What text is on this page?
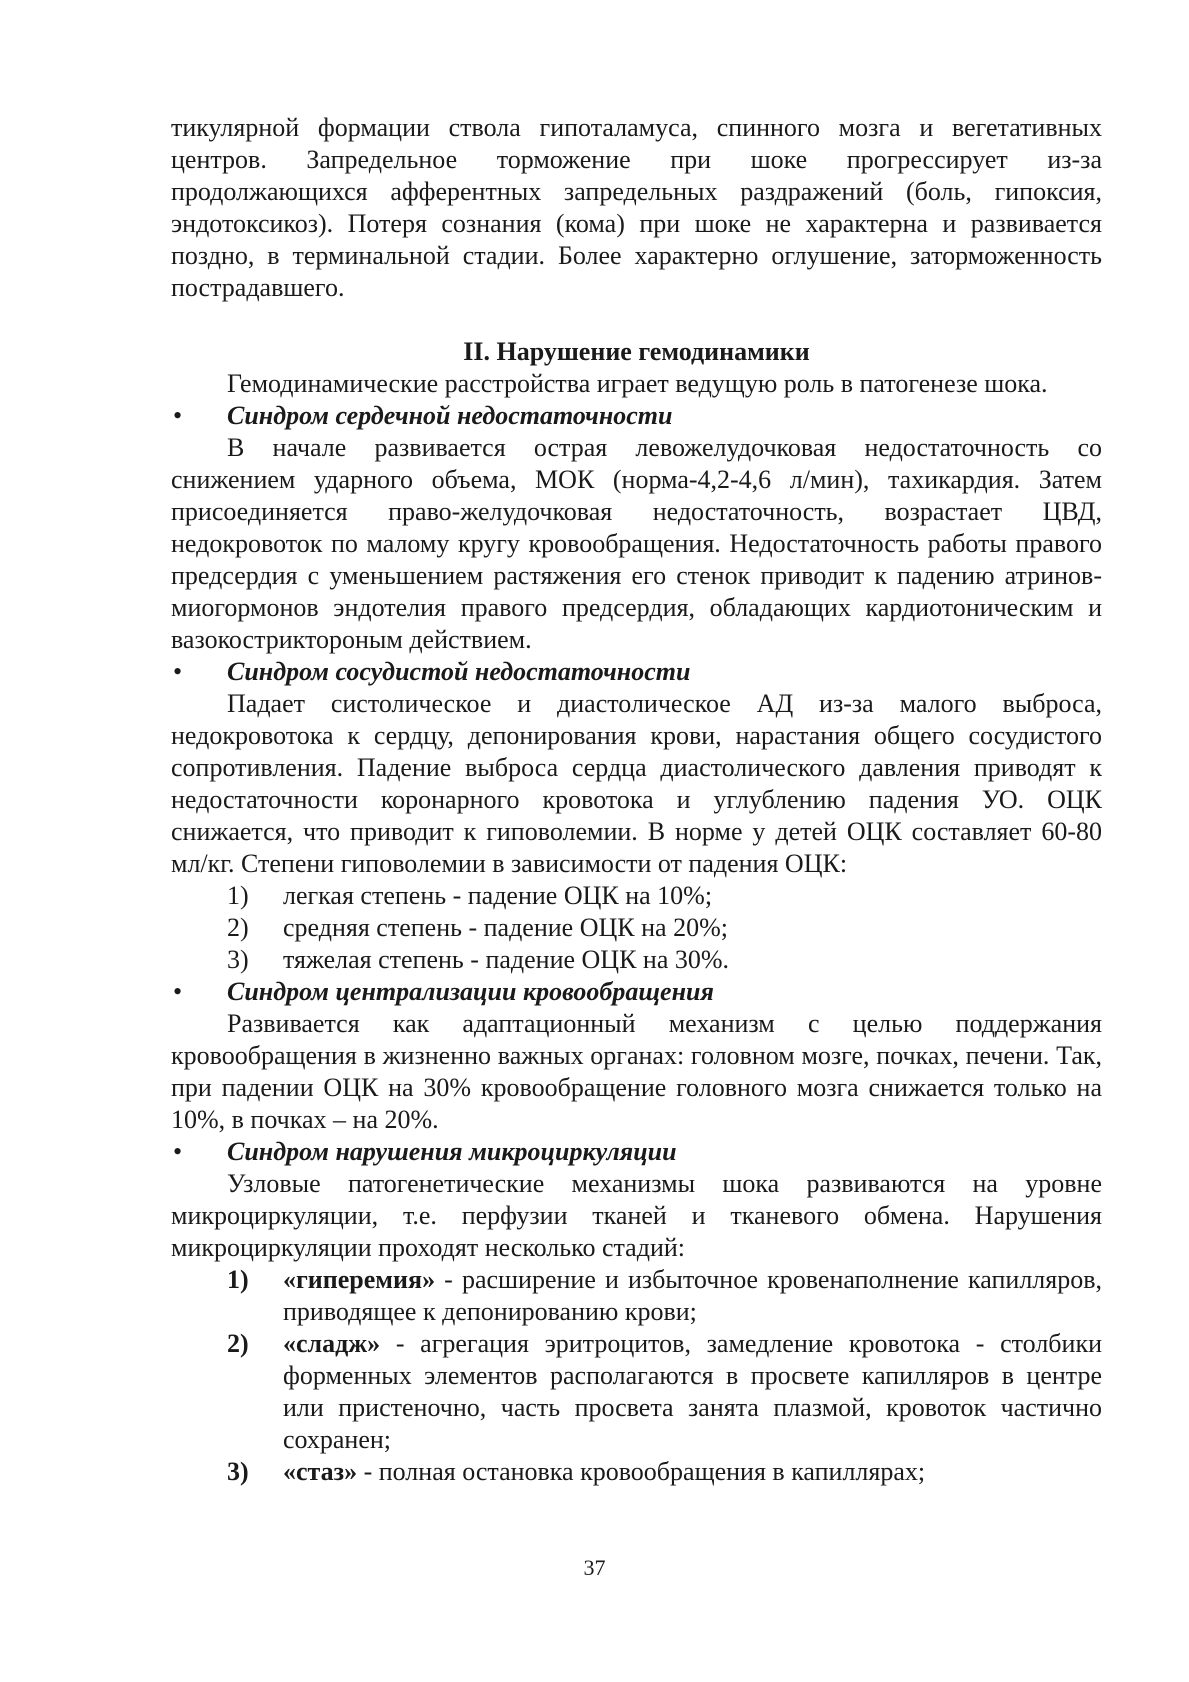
тикулярной формации ствола гипоталамуса, спинного мозга и вегетативных центров. Запредельное торможение при шоке прогрессирует из-за продолжающихся афферентных запредельных раздражений (боль, гипоксия, эндотоксикоз). Потеря сознания (кома) при шоке не характерна и развивается поздно, в терминальной стадии. Более характерно оглушение, заторможенность пострадавшего.

II. Нарушение гемодинамики

Гемодинамические расстройства играет ведущую роль в патогенезе шока.

•	Синдром сердечной недостаточности

В начале развивается острая левожелудочковая недостаточность со снижением ударного объема, МОК (норма-4,2-4,6 л/мин), тахикардия. Затем присоединяется право-желудочковая недостаточность, возрастает ЦВД, недокровоток по малому кругу кровообращения. Недостаточность работы правого предсердия с уменьшением растяжения его стенок приводит к падению атринов-миогормонов эндотелия правого предсердия, обладающих кардиотоническим и вазокостриктороным действием.

•	Синдром сосудистой недостаточности

Падает систолическое и диастолическое АД из-за малого выброса, недокровотока к сердцу, депонирования крови, нарастания общего сосудистого сопротивления. Падение выброса сердца диастолического давления приводят к недостаточности коронарного кровотока и углублению падения УО. ОЦК снижается, что приводит к гиповолемии. В норме у детей ОЦК составляет 60-80 мл/кг. Степени гиповолемии в зависимости от падения ОЦК:

1)	легкая степень - падение ОЦК на 10%;
2)	средняя степень - падение ОЦК на 20%;
3)	тяжелая степень - падение ОЦК на 30%.
•	Синдром централизации кровообращения

Развивается как адаптационный механизм с целью поддержания кровообращения в жизненно важных органах: головном мозге, почках, печени. Так, при падении ОЦК на 30% кровообращение головного мозга снижается только на 10%, в почках – на 20%.

•	Синдром нарушения микроциркуляции

Узловые патогенетические механизмы шока развиваются на уровне микроциркуляции, т.е. перфузии тканей и тканевого обмена. Нарушения микроциркуляции проходят несколько стадий:

1)	«гиперемия» - расширение и избыточное кровенаполнение капилляров, приводящее к депонированию крови;
2)	«сладж» - агрегация эритроцитов, замедление кровотока - столбики форменных элементов располагаются в просвете капилляров в центре или пристеночно, часть просвета занята плазмой, кровоток частично сохранен;
3)	«стаз» - полная остановка кровообращения в капиллярах;
37
